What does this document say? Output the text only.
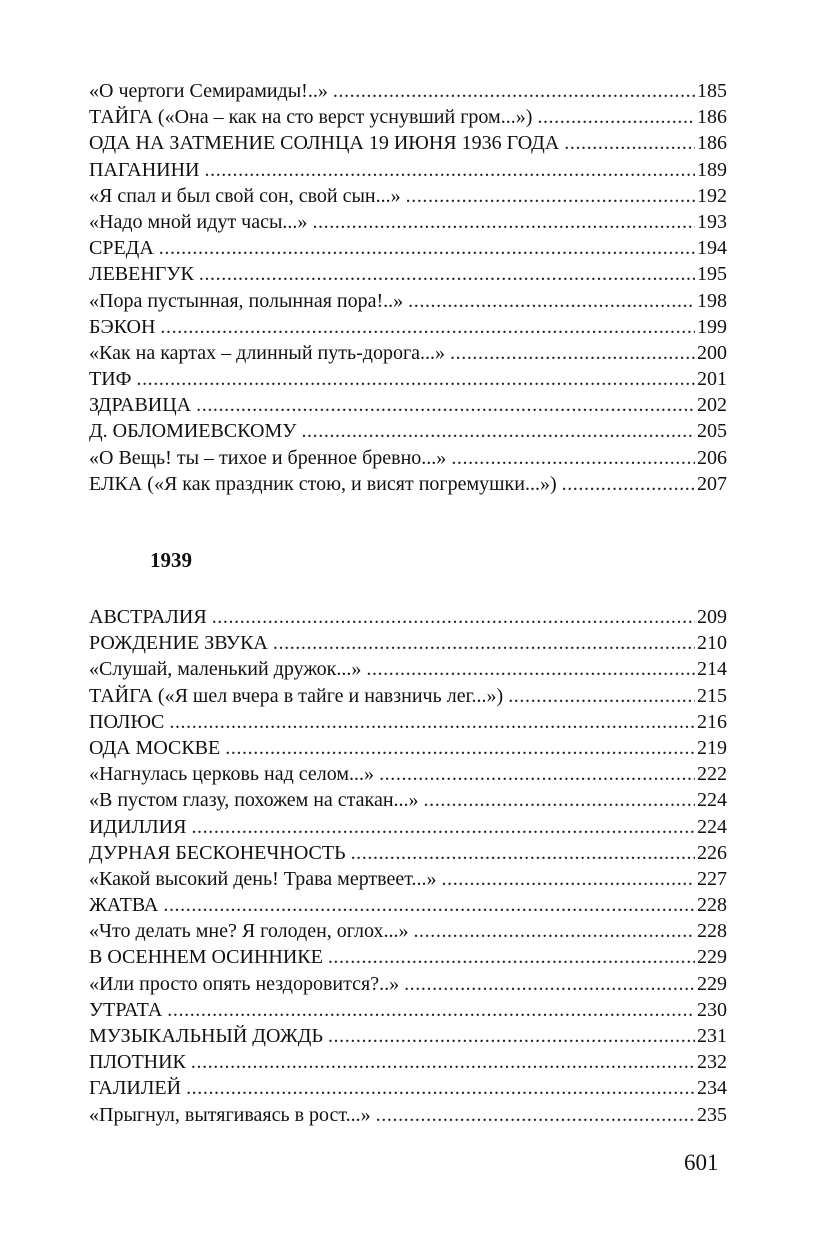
«О чертоги Семирамиды!..» .....	185
ТАЙГА («Она – как на сто верст уснувший гром...») .....	186
ОДА НА ЗАТМЕНИЕ СОЛНЦА 19 ИЮНЯ 1936 ГОДА .....	186
ПАГАНИНИ .....	189
«Я спал и был свой сон, свой сын...» .....	192
«Надо мной идут часы...» .....	193
СРЕДА .....	194
ЛЕВЕНГУК .....	195
«Пора пустынная, полынная пора!..» .....	198
БЭКОН .....	199
«Как на картах – длинный путь-дорога...» .....	200
ТИФ .....	201
ЗДРАВИЦА .....	202
Д. ОБЛОМИЕВСКОМУ .....	205
«О Вещь! ты – тихое и бренное бревно...» .....	206
ЕЛКА («Я как праздник стою, и висят погремушки...») .....	207
1939
АВСТРАЛИЯ .....	209
РОЖДЕНИЕ ЗВУКА .....	210
«Слушай, маленький дружок...» .....	214
ТАЙГА («Я шел вчера в тайге и навзничь лег...») .....	215
ПОЛЮС .....	216
ОДА МОСКВЕ .....	219
«Нагнулась церковь над селом...» .....	222
«В пустом глазу, похожем на стакан...» .....	224
ИДИЛЛИЯ .....	224
ДУРНАЯ БЕСКОНЕЧНОСТЬ .....	226
«Какой высокий день! Трава мертвеет...» .....	227
ЖАТВА .....	228
«Что делать мне? Я голоден, оглох...» .....	228
В ОСЕННЕМ ОСИННИКЕ .....	229
«Или просто опять нездоровится?..» .....	229
УТРАТА .....	230
МУЗЫКАЛЬНЫЙ ДОЖДЬ .....	231
ПЛОТНИК .....	232
ГАЛИЛЕЙ .....	234
«Прыгнул, вытягиваясь в рост...» .....	235
601
